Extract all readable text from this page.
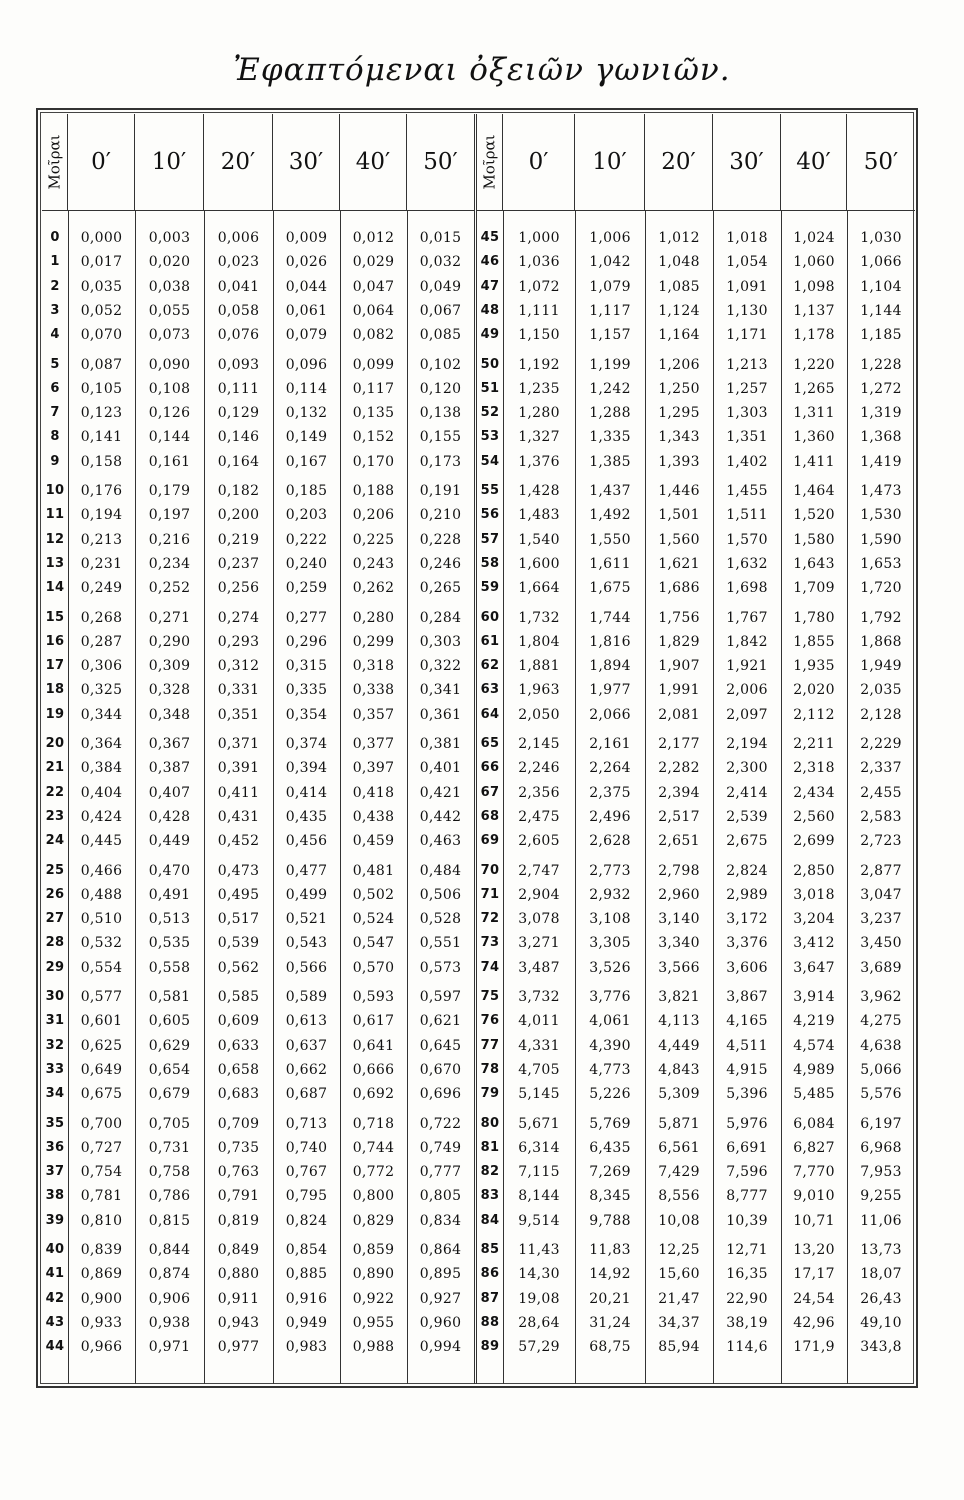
Ἐφαπτόμεναι ὀξειῶν γωνιῶν.
Μοῖραι	0′	10′	20′	30′	40′	50′
0	0,000	0,003	0,006	0,009	0,012	0,015
1	0,017	0,020	0,023	0,026	0,029	0,032
2	0,035	0,038	0,041	0,044	0,047	0,049
3	0,052	0,055	0,058	0,061	0,064	0,067
4	0,070	0,073	0,076	0,079	0,082	0,085
5	0,087	0,090	0,093	0,096	0,099	0,102
6	0,105	0,108	0,111	0,114	0,117	0,120
7	0,123	0,126	0,129	0,132	0,135	0,138
8	0,141	0,144	0,146	0,149	0,152	0,155
9	0,158	0,161	0,164	0,167	0,170	0,173
10	0,176	0,179	0,182	0,185	0,188	0,191
11	0,194	0,197	0,200	0,203	0,206	0,210
12	0,213	0,216	0,219	0,222	0,225	0,228
13	0,231	0,234	0,237	0,240	0,243	0,246
14	0,249	0,252	0,256	0,259	0,262	0,265
15	0,268	0,271	0,274	0,277	0,280	0,284
16	0,287	0,290	0,293	0,296	0,299	0,303
17	0,306	0,309	0,312	0,315	0,318	0,322
18	0,325	0,328	0,331	0,335	0,338	0,341
19	0,344	0,348	0,351	0,354	0,357	0,361
20	0,364	0,367	0,371	0,374	0,377	0,381
21	0,384	0,387	0,391	0,394	0,397	0,401
22	0,404	0,407	0,411	0,414	0,418	0,421
23	0,424	0,428	0,431	0,435	0,438	0,442
24	0,445	0,449	0,452	0,456	0,459	0,463
25	0,466	0,470	0,473	0,477	0,481	0,484
26	0,488	0,491	0,495	0,499	0,502	0,506
27	0,510	0,513	0,517	0,521	0,524	0,528
28	0,532	0,535	0,539	0,543	0,547	0,551
29	0,554	0,558	0,562	0,566	0,570	0,573
30	0,577	0,581	0,585	0,589	0,593	0,597
31	0,601	0,605	0,609	0,613	0,617	0,621
32	0,625	0,629	0,633	0,637	0,641	0,645
33	0,649	0,654	0,658	0,662	0,666	0,670
34	0,675	0,679	0,683	0,687	0,692	0,696
35	0,700	0,705	0,709	0,713	0,718	0,722
36	0,727	0,731	0,735	0,740	0,744	0,749
37	0,754	0,758	0,763	0,767	0,772	0,777
38	0,781	0,786	0,791	0,795	0,800	0,805
39	0,810	0,815	0,819	0,824	0,829	0,834
40	0,839	0,844	0,849	0,854	0,859	0,864
41	0,869	0,874	0,880	0,885	0,890	0,895
42	0,900	0,906	0,911	0,916	0,922	0,927
43	0,933	0,938	0,943	0,949	0,955	0,960
44	0,966	0,971	0,977	0,983	0,988	0,994
Μοῖραι	0′	10′	20′	30′	40′	50′
45	1,000	1,006	1,012	1,018	1,024	1,030
46	1,036	1,042	1,048	1,054	1,060	1,066
47	1,072	1,079	1,085	1,091	1,098	1,104
48	1,111	1,117	1,124	1,130	1,137	1,144
49	1,150	1,157	1,164	1,171	1,178	1,185
50	1,192	1,199	1,206	1,213	1,220	1,228
51	1,235	1,242	1,250	1,257	1,265	1,272
52	1,280	1,288	1,295	1,303	1,311	1,319
53	1,327	1,335	1,343	1,351	1,360	1,368
54	1,376	1,385	1,393	1,402	1,411	1,419
55	1,428	1,437	1,446	1,455	1,464	1,473
56	1,483	1,492	1,501	1,511	1,520	1,530
57	1,540	1,550	1,560	1,570	1,580	1,590
58	1,600	1,611	1,621	1,632	1,643	1,653
59	1,664	1,675	1,686	1,698	1,709	1,720
60	1,732	1,744	1,756	1,767	1,780	1,792
61	1,804	1,816	1,829	1,842	1,855	1,868
62	1,881	1,894	1,907	1,921	1,935	1,949
63	1,963	1,977	1,991	2,006	2,020	2,035
64	2,050	2,066	2,081	2,097	2,112	2,128
65	2,145	2,161	2,177	2,194	2,211	2,229
66	2,246	2,264	2,282	2,300	2,318	2,337
67	2,356	2,375	2,394	2,414	2,434	2,455
68	2,475	2,496	2,517	2,539	2,560	2,583
69	2,605	2,628	2,651	2,675	2,699	2,723
70	2,747	2,773	2,798	2,824	2,850	2,877
71	2,904	2,932	2,960	2,989	3,018	3,047
72	3,078	3,108	3,140	3,172	3,204	3,237
73	3,271	3,305	3,340	3,376	3,412	3,450
74	3,487	3,526	3,566	3,606	3,647	3,689
75	3,732	3,776	3,821	3,867	3,914	3,962
76	4,011	4,061	4,113	4,165	4,219	4,275
77	4,331	4,390	4,449	4,511	4,574	4,638
78	4,705	4,773	4,843	4,915	4,989	5,066
79	5,145	5,226	5,309	5,396	5,485	5,576
80	5,671	5,769	5,871	5,976	6,084	6,197
81	6,314	6,435	6,561	6,691	6,827	6,968
82	7,115	7,269	7,429	7,596	7,770	7,953
83	8,144	8,345	8,556	8,777	9,010	9,255
84	9,514	9,788	10,08	10,39	10,71	11,06
85	11,43	11,83	12,25	12,71	13,20	13,73
86	14,30	14,92	15,60	16,35	17,17	18,07
87	19,08	20,21	21,47	22,90	24,54	26,43
88	28,64	31,24	34,37	38,19	42,96	49,10
89	57,29	68,75	85,94	114,6	171,9	343,8
